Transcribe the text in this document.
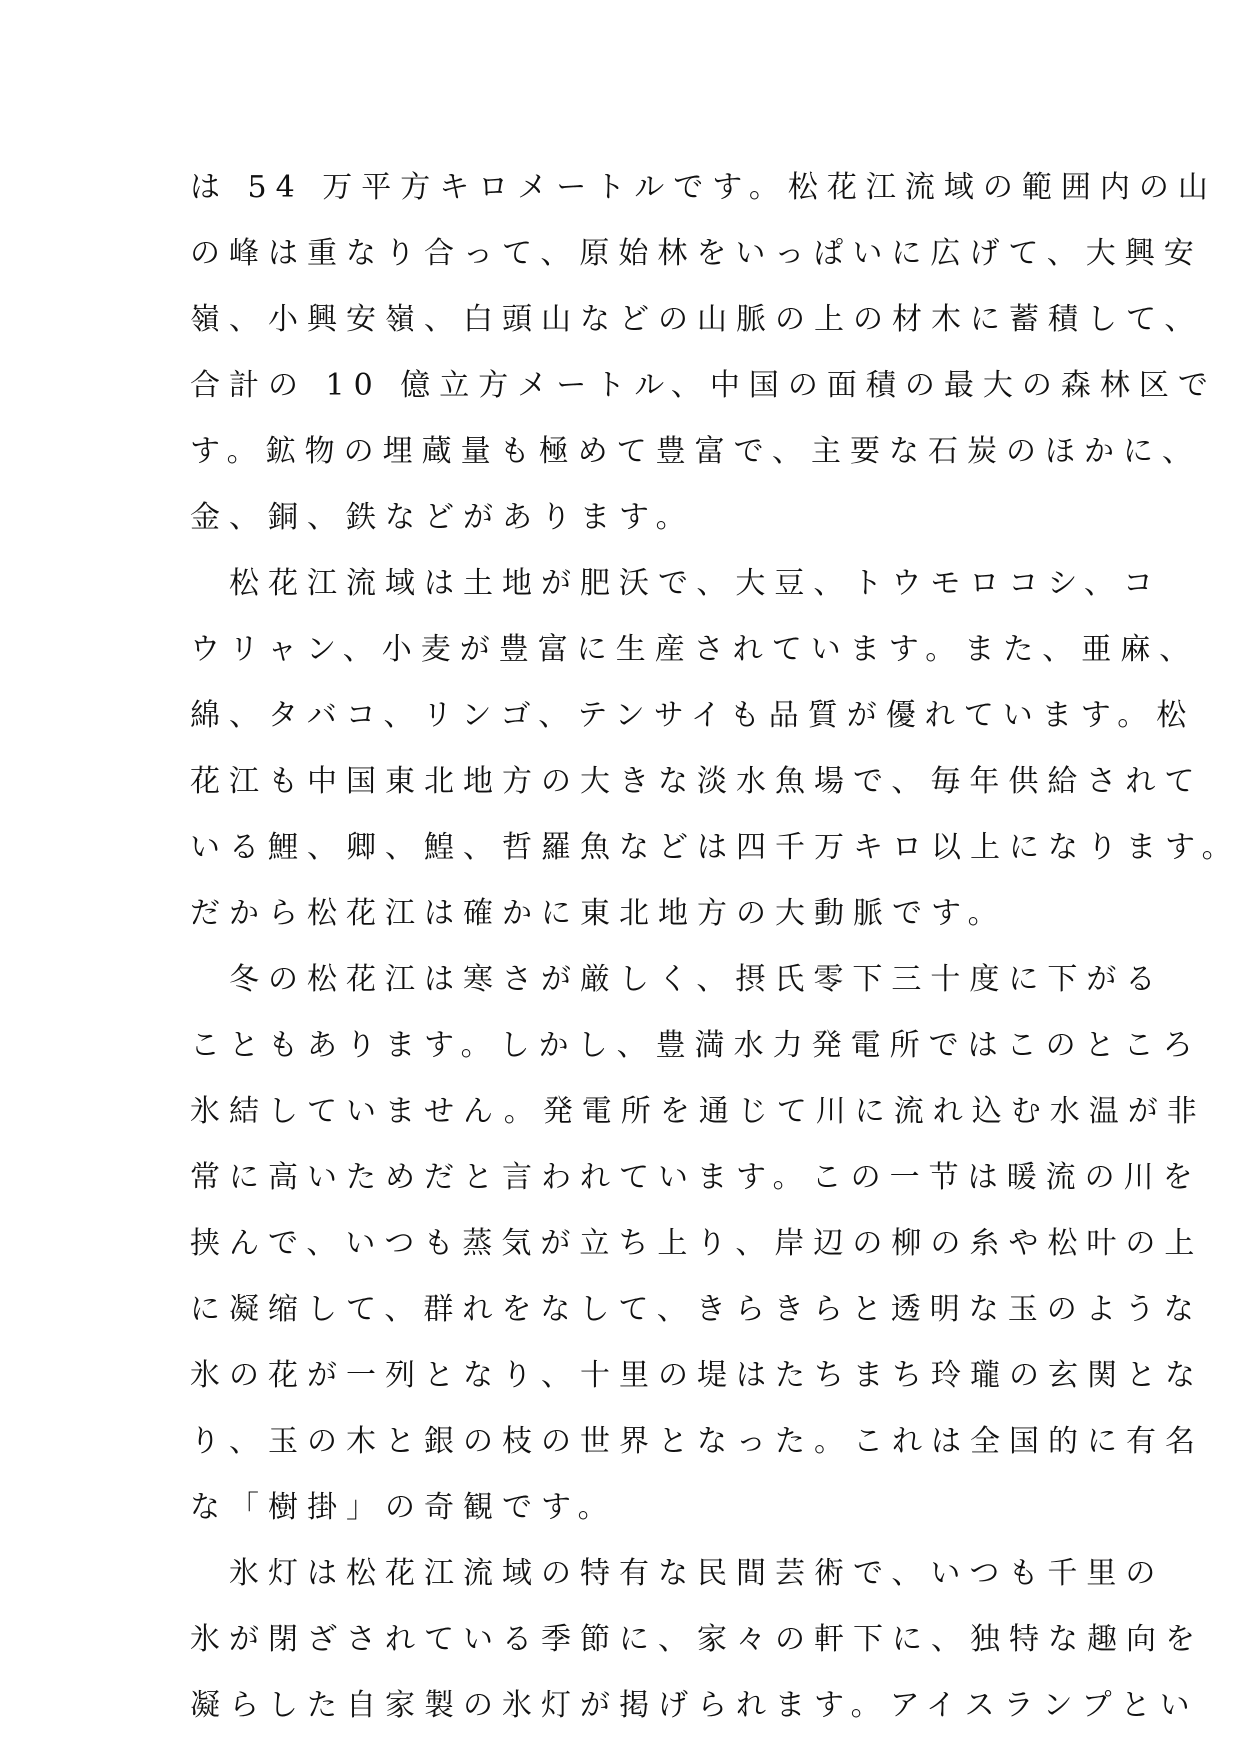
は 54 万平方キロメートルです。松花江流域の範囲内の山
の峰は重なり合って、原始林をいっぱいに広げて、大興安
嶺、小興安嶺、白頭山などの山脈の上の材木に蓄積して、
合計の 10 億立方メートル、中国の面積の最大の森林区で
す。鉱物の埋蔵量も極めて豊富で、主要な石炭のほかに、
金、銅、鉄などがあります。
　松花江流域は土地が肥沃で、大豆、トウモロコシ、コ
ウリャン、小麦が豊富に生産されています。また、亜麻、
綿、タバコ、リンゴ、テンサイも品質が優れています。松
花江も中国東北地方の大きな淡水魚場で、毎年供給されて
いる鯉、卿、鰉、哲羅魚などは四千万キロ以上になります。
だから松花江は確かに東北地方の大動脈です。
　冬の松花江は寒さが厳しく、摂氏零下三十度に下がる
こともあります。しかし、豊満水力発電所ではこのところ
氷結していません。発電所を通じて川に流れ込む水温が非
常に高いためだと言われています。この一节は暖流の川を
挟んで、いつも蒸気が立ち上り、岸辺の柳の糸や松叶の上
に凝缩して、群れをなして、きらきらと透明な玉のような
氷の花が一列となり、十里の堤はたちまち玲瓏の玄関とな
り、玉の木と銀の枝の世界となった。これは全国的に有名
な「樹掛」の奇観です。
　氷灯は松花江流域の特有な民間芸術で、いつも千里の
氷が閉ざされている季節に、家々の軒下に、独特な趣向を
凝らした自家製の氷灯が掲げられます。アイスランプとい
